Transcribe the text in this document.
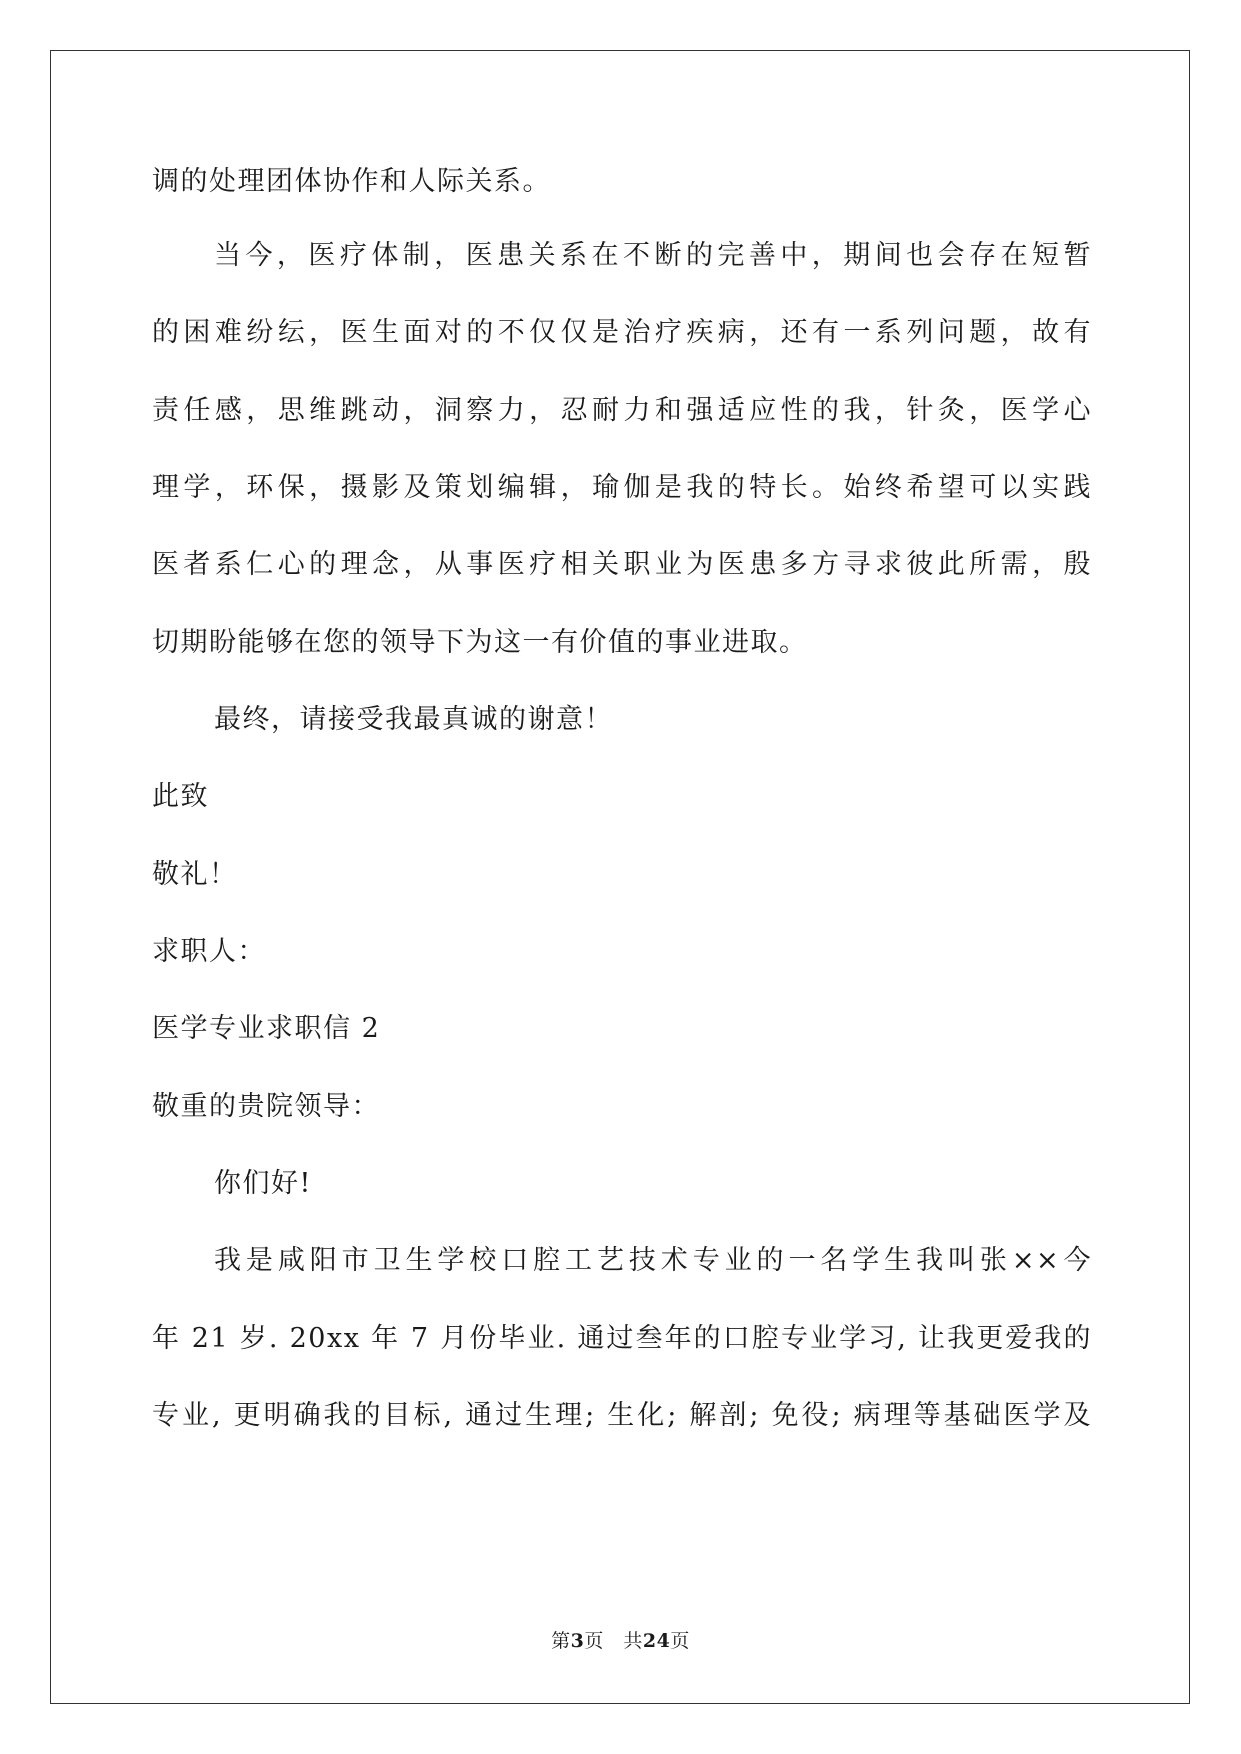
调的处理团体协作和人际关系。
当今，医疗体制，医患关系在不断的完善中，期间也会存在短暂
的困难纷纭，医生面对的不仅仅是治疗疾病，还有一系列问题，故有
责任感，思维跳动，洞察力，忍耐力和强适应性的我，针灸，医学心
理学，环保，摄影及策划编辑，瑜伽是我的特长。始终希望可以实践
医者系仁心的理念，从事医疗相关职业为医患多方寻求彼此所需，殷
切期盼能够在您的领导下为这一有价值的事业进取。
最终，请接受我最真诚的谢意！
此致
敬礼！
求职人：
医学专业求职信 2
敬重的贵院领导：
你们好!
我是咸阳市卫生学校口腔工艺技术专业的一名学生我叫张××今
年 21 岁. 20xx 年 7 月份毕业. 通过叁年的口腔专业学习, 让我更爱我的
专业, 更明确我的目标, 通过生理; 生化; 解剖; 免役; 病理等基础医学及
第3页　共24页
